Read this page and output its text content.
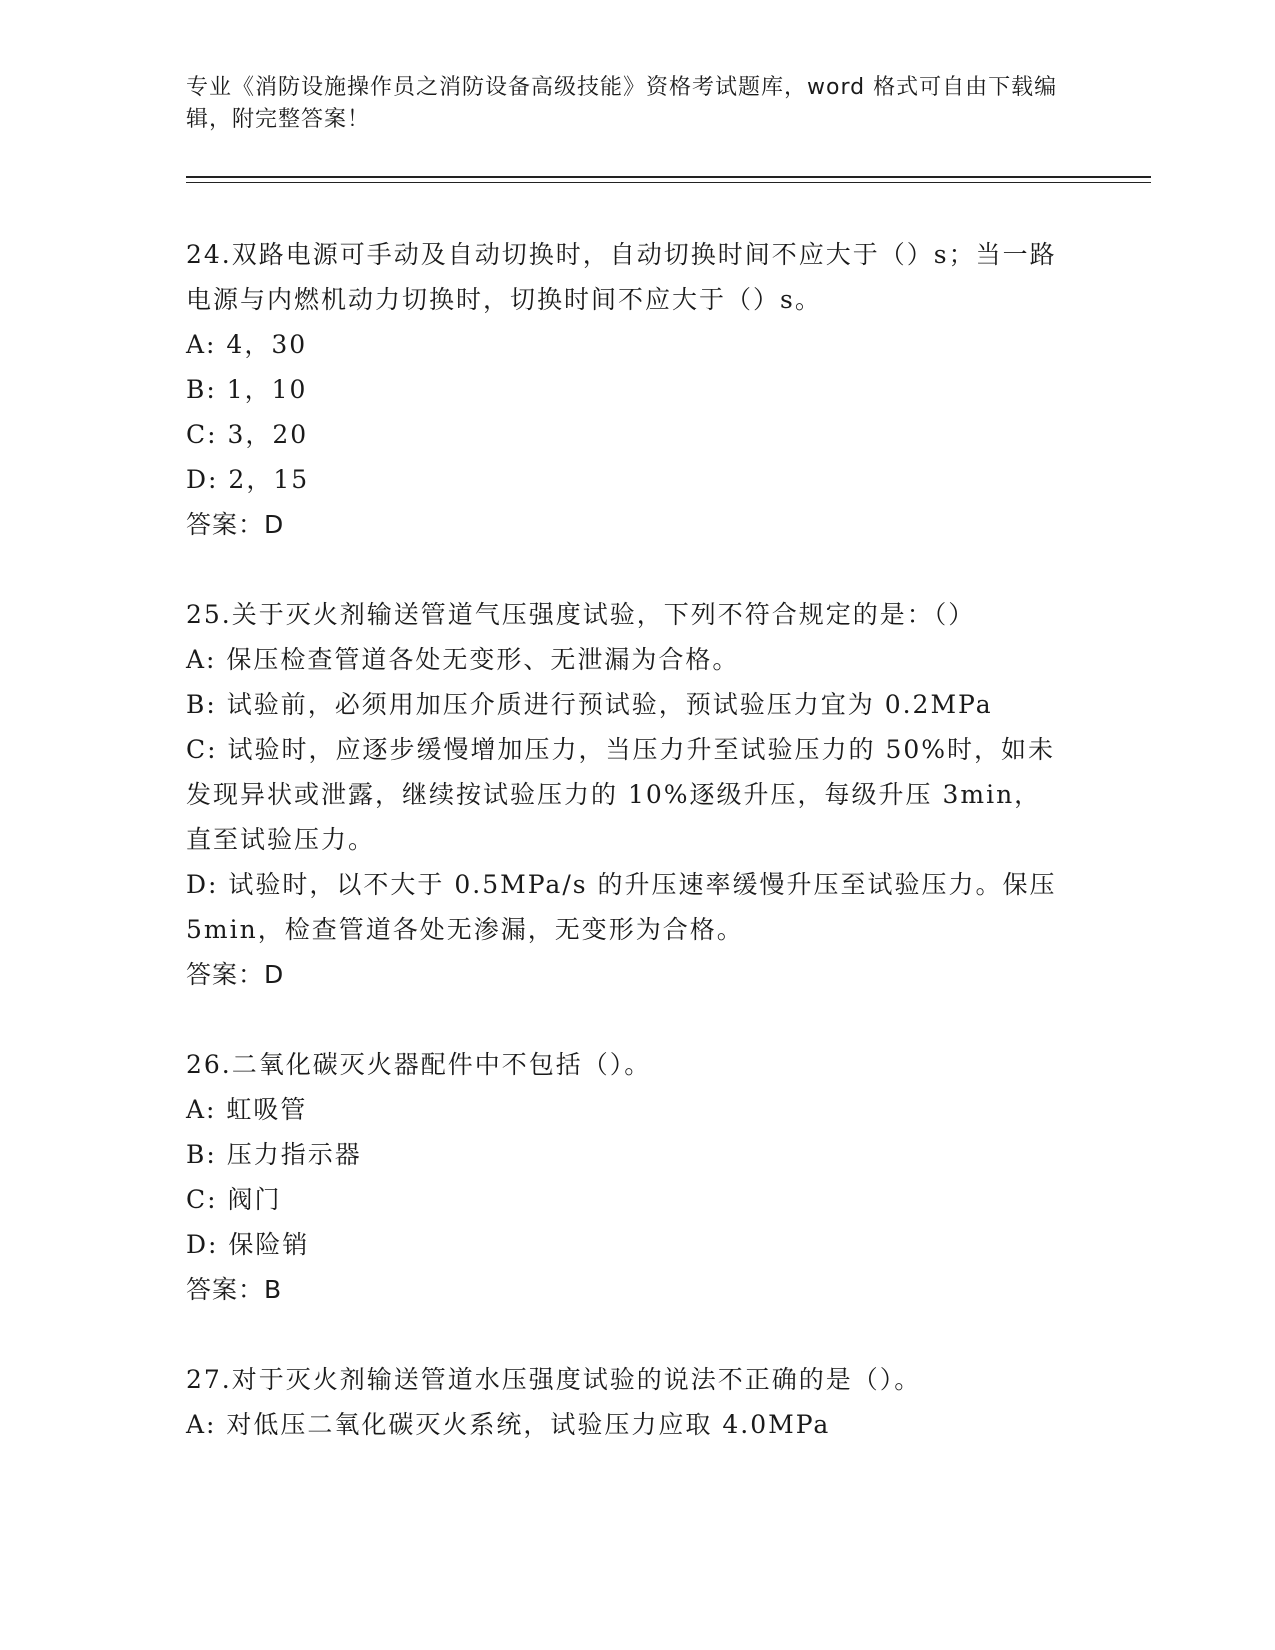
专业《消防设施操作员之消防设备高级技能》资格考试题库，word 格式可自由下载编辑，附完整答案！
24.双路电源可手动及自动切换时，自动切换时间不应大于（）s；当一路电源与内燃机动力切换时，切换时间不应大于（）s。
A: 4，30
B: 1，10
C: 3，20
D: 2，15
答案：D
25.关于灭火剂输送管道气压强度试验，下列不符合规定的是：（）
A: 保压检查管道各处无变形、无泄漏为合格。
B: 试验前，必须用加压介质进行预试验，预试验压力宜为 0.2MPa
C: 试验时，应逐步缓慢增加压力，当压力升至试验压力的 50%时，如未发现异状或泄露，继续按试验压力的 10%逐级升压，每级升压 3min，直至试验压力。
D: 试验时，以不大于 0.5MPa/s 的升压速率缓慢升压至试验压力。保压 5min，检查管道各处无渗漏，无变形为合格。
答案：D
26.二氧化碳灭火器配件中不包括（）。
A: 虹吸管
B: 压力指示器
C: 阀门
D: 保险销
答案：B
27.对于灭火剂输送管道水压强度试验的说法不正确的是（）。
A: 对低压二氧化碳灭火系统，试验压力应取 4.0MPa
